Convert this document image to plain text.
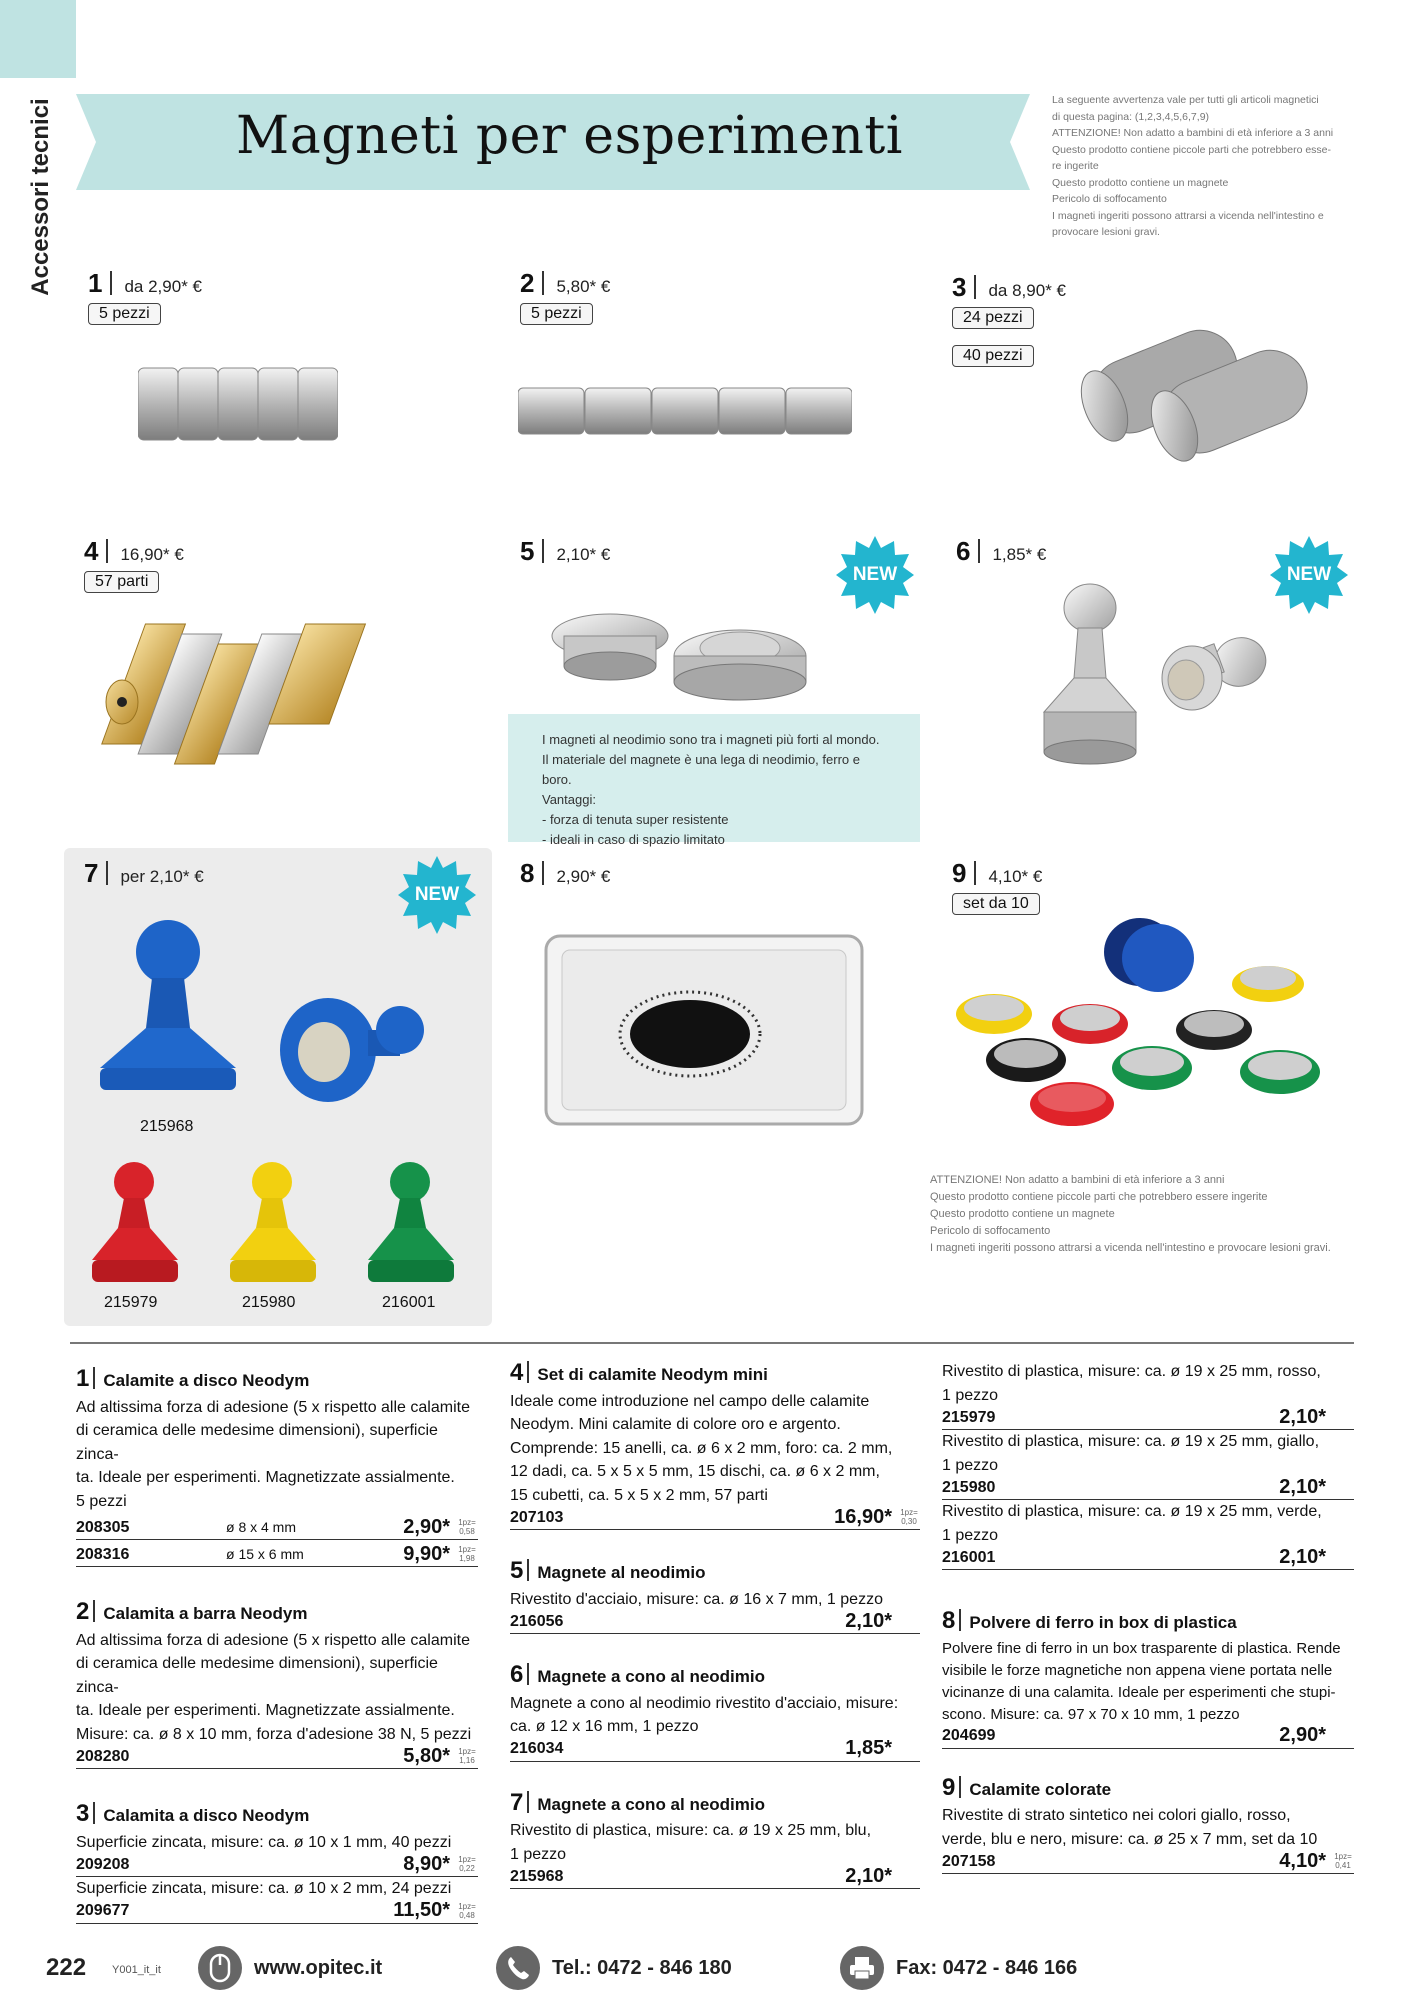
Accessori tecnici	Magneti per esperimenti

La seguente avvertenza vale per tutti gli articoli magnetici

di questa pagina: (1,2,3,4,5,6,7,9)

ATTENZIONE! Non adatto a bambini di età inferiore a 3 anni

Questo prodotto contiene piccole parti che potrebbero esse-

re ingerite

Questo prodotto contiene un magnete

Pericolo di soffocamento

I magneti ingeriti possono attrarsi a vicenda nell'intestino e

provocare lesioni gravi.

1 da 2,90* €
5 pezzi
2 5,80* €
5 pezzi
3 da 8,90* €
24 pezzi
40 pezzi
4 16,90* €
57 parti
5 2,10* €
NEW
I magneti al neodimio sono tra i magneti più forti al mondo.
Il materiale del magnete è una lega di neodimio, ferro e boro.
Vantaggi:
- forza di tenuta super resistente
- ideali in caso di spazio limitato
6 1,85* €
NEW
7 per 2,10* €
NEW
215968
215979	215980	216001
8 2,90* €	9 4,10* €
set da 10
ATTENZIONE! Non adatto a bambini di età inferiore a 3 anni
Questo prodotto contiene piccole parti che potrebbero essere ingerite
Questo prodotto contiene un magnete
Pericolo di soffocamento
I magneti ingeriti possono attrarsi a vicenda nell'intestino e provocare lesioni gravi.
1 Calamite a disco Neodym
Ad altissima forza di adesione (5 x rispetto alle calamite
di ceramica delle medesime dimensioni), superficie zinca-
ta. Ideale per esperimenti. Magnetizzate assialmente.
5 pezzi
208305	ø 8 x 4 mm	2,90* 1pz=
0,58
208316	ø 15 x 6 mm	9,90* 1pz=
1,98
2 Calamita a barra Neodym
Ad altissima forza di adesione (5 x rispetto alle calamite
di ceramica delle medesime dimensioni), superficie zinca-
ta. Ideale per esperimenti. Magnetizzate assialmente.
Misure: ca. ø 8 x 10 mm, forza d'adesione 38 N, 5 pezzi
208280	5,80* 1pz=
1,16
3 Calamita a disco Neodym
Superficie zincata, misure: ca. ø 10 x 1 mm, 40 pezzi
209208	8,90* 1pz=
0,22
Superficie zincata, misure: ca. ø 10 x 2 mm, 24 pezzi
209677	11,50* 1pz=
0,48
4 Set di calamite Neodym mini
Ideale come introduzione nel campo delle calamite
Neodym. Mini calamite di colore oro e argento.
Comprende: 15 anelli, ca. ø 6 x 2 mm, foro: ca. 2 mm,
12 dadi, ca. 5 x 5 x 5 mm, 15 dischi, ca. ø 6 x 2 mm,
15 cubetti, ca. 5 x 5 x 2 mm, 57 parti
207103	16,90* 1pz=
0,30
5 Magnete al neodimio
Rivestito d'acciaio, misure: ca. ø 16 x 7 mm, 1 pezzo
216056	2,10*
6 Magnete a cono al neodimio
Magnete a cono al neodimio rivestito d'acciaio, misure:
ca. ø 12 x 16 mm, 1 pezzo
216034	1,85*
7 Magnete a cono al neodimio
Rivestito di plastica, misure: ca. ø 19 x 25 mm, blu,
1 pezzo
215968	2,10*
Rivestito di plastica, misure: ca. ø 19 x 25 mm, rosso,
1 pezzo
215979	2,10*
Rivestito di plastica, misure: ca. ø 19 x 25 mm, giallo,
1 pezzo
215980	2,10*
Rivestito di plastica, misure: ca. ø 19 x 25 mm, verde,
1 pezzo
216001	2,10*
8 Polvere di ferro in box di plastica
Polvere fine di ferro in un box trasparente di plastica. Rende
visibile le forze magnetiche non appena viene portata nelle
vicinanze di una calamita. Ideale per esperimenti che stupi-
scono. Misure: ca. 97 x 70 x 10 mm, 1 pezzo
204699	2,90*
9 Calamite colorate
Rivestite di strato sintetico nei colori giallo, rosso,
verde, blu e nero, misure: ca. ø 25 x 7 mm, set da 10
207158	4,10* 1pz=
0,41
222 Y001_it_it	www.opitec.it	Tel.: 0472 - 846 180	Fax: 0472 - 846 166
